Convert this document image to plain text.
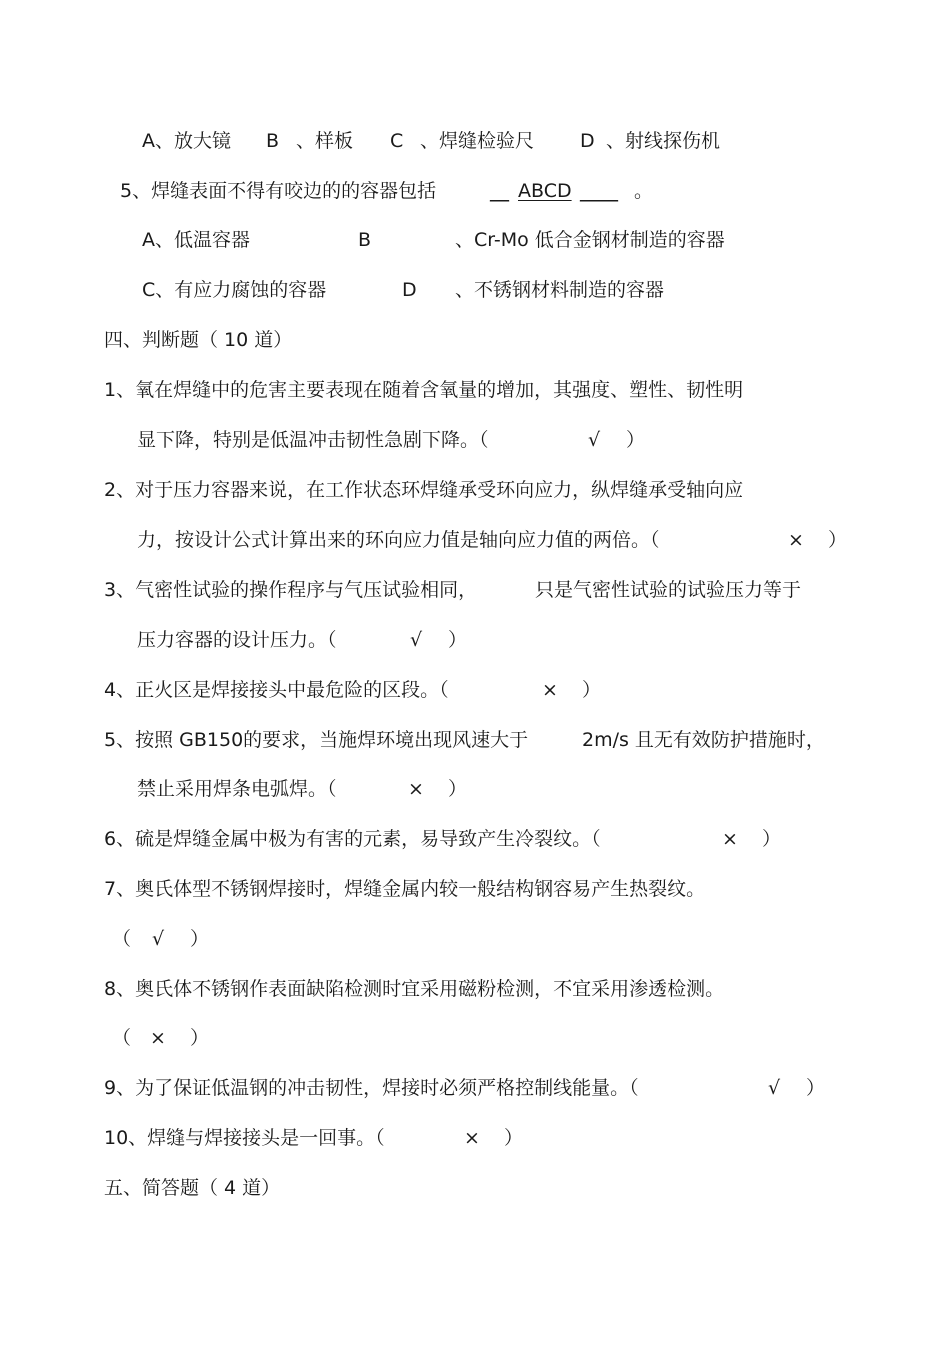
A、放大镜 B 、样板 C 、焊缝检验尺 D 、射线探伤机
5、焊缝表面不得有咬边的的容器包括	__ ABCD ____ 。
A、低温容器	B	、Cr-Mo 低合金钢材制造的容器
C、有应力腐蚀的容器	D 、不锈钢材料制造的容器
四、判断题（ 10 道）
1、氧在焊缝中的危害主要表现在随着含氧量的增加，其强度、塑性、韧性明
显下降，特别是低温冲击韧性急剧下降。（	√ ）
2、对于压力容器来说，在工作状态环焊缝承受环向应力，纵焊缝承受轴向应
力，按设计公式计算出来的环向应力值是轴向应力值的两倍。（	× ）
3、气密性试验的操作程序与气压试验相同，	只是气密性试验的试验压力等于
压力容器的设计压力。（	√ ）
4、正火区是焊接接头中最危险的区段。（	× ）
5、按照 GB150的要求，当施焊环境出现风速大于	2m/s 且无有效防护措施时，
禁止采用焊条电弧焊。（	× ）
6、硫是焊缝金属中极为有害的元素，易导致产生冷裂纹。（	× ）
7、奥氏体型不锈钢焊接时，焊缝金属内较一般结构钢容易产生热裂纹。
（ √ ）
8、奥氏体不锈钢作表面缺陷检测时宜采用磁粉检测，不宜采用渗透检测。
（ × ）
9、为了保证低温钢的冲击韧性，焊接时必须严格控制线能量。（	√ ）
10、焊缝与焊接接头是一回事。（	× ）
五、简答题（ 4 道）
